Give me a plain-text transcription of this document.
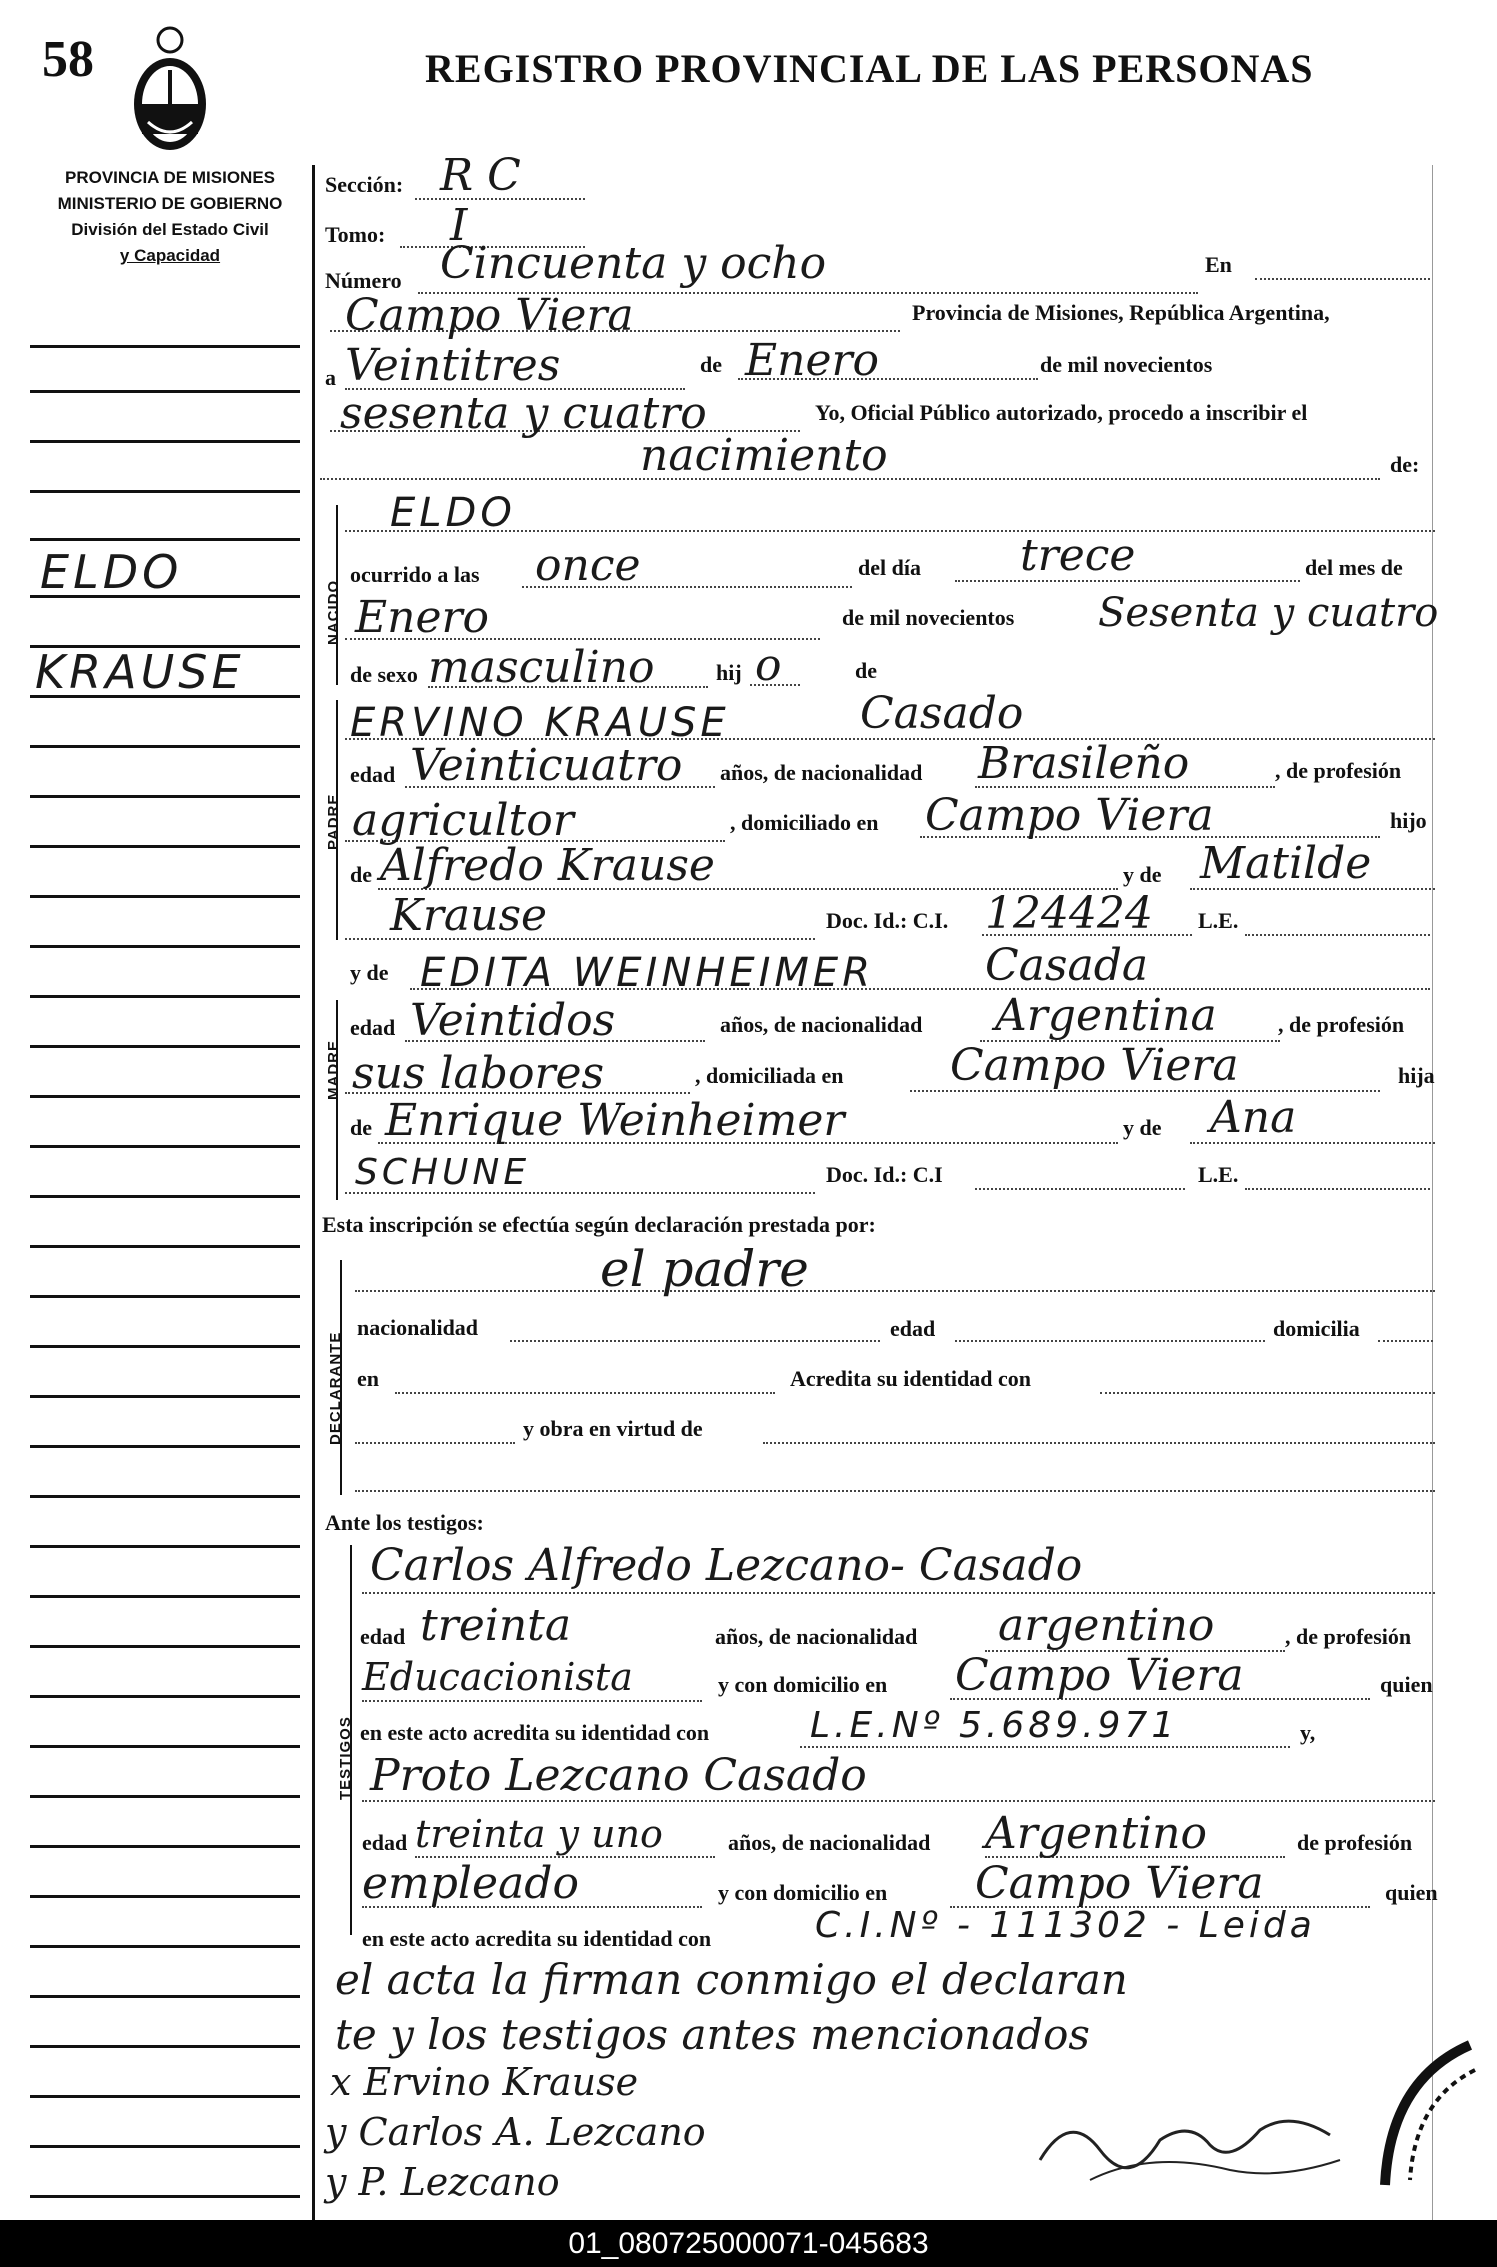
58	REGISTRO PROVINCIAL DE LAS PERSONAS
PROVINCIA DE MISIONES
MINISTERIO DE GOBIERNO
División del Estado Civil
y Capacidad
ELDO
KRAUSE
Sección: R C
Tomo: I
Número Cincuenta y ocho	En
Campo Viera	Provincia de Misiones, República Argentina,
a Veintitres	de Enero	de mil novecientos
sesenta y cuatro	Yo, Oficial Público autorizado, procedo a inscribir el
nacimiento	de:
NACIDO
ELDO
ocurrido a las once	del día trece	del mes de
Enero	de mil novecientos Sesenta y cuatro
de sexo masculino	hij o	de
PADRE
ERVINO KRAUSE	Casado
edad Veinticuatro años, de nacionalidad Brasileño	, de profesión
agricultor	, domiciliado en Campo Viera	hijo
de Alfredo Krause	y de Matilde
Krause	Doc. Id.: C.I. 124424 L.E.
MADRE
y de EDITA WEINHEIMER	Casada
edad Veintidos	años, de nacionalidad Argentina	, de profesión
sus labores	, domiciliada en Campo Viera	hija
de Enrique Weinheimer	y de Ana
SCHUNE	Doc. Id.: C.I	L.E.
Esta inscripción se efectúa según declaración prestada por:
DECLARANTE
el padre
nacionalidad	edad	domicilia
en	Acredita su identidad con
y obra en virtud de
Ante los testigos:
TESTIGOS
Carlos Alfredo Lezcano- Casado
edad treinta	años, de nacionalidad argentino	, de profesión
Educacionista	y con domicilio en Campo Viera	quien
en este acto acredita su identidad con	L.E.Nº 5.689.971	y,
Proto Lezcano Casado
edad treinta y uno	años, de nacionalidad Argentino	de profesión
empleado	y con domicilio en Campo Viera	quien
en este acto acredita su identidad con	C.I.Nº - 111302 - Leida
el acta la firman conmigo el declaran
te y los testigos antes mencionados
x Ervino Krause
y Carlos A. Lezcano
y P. Lezcano
01_080725000071-045683
